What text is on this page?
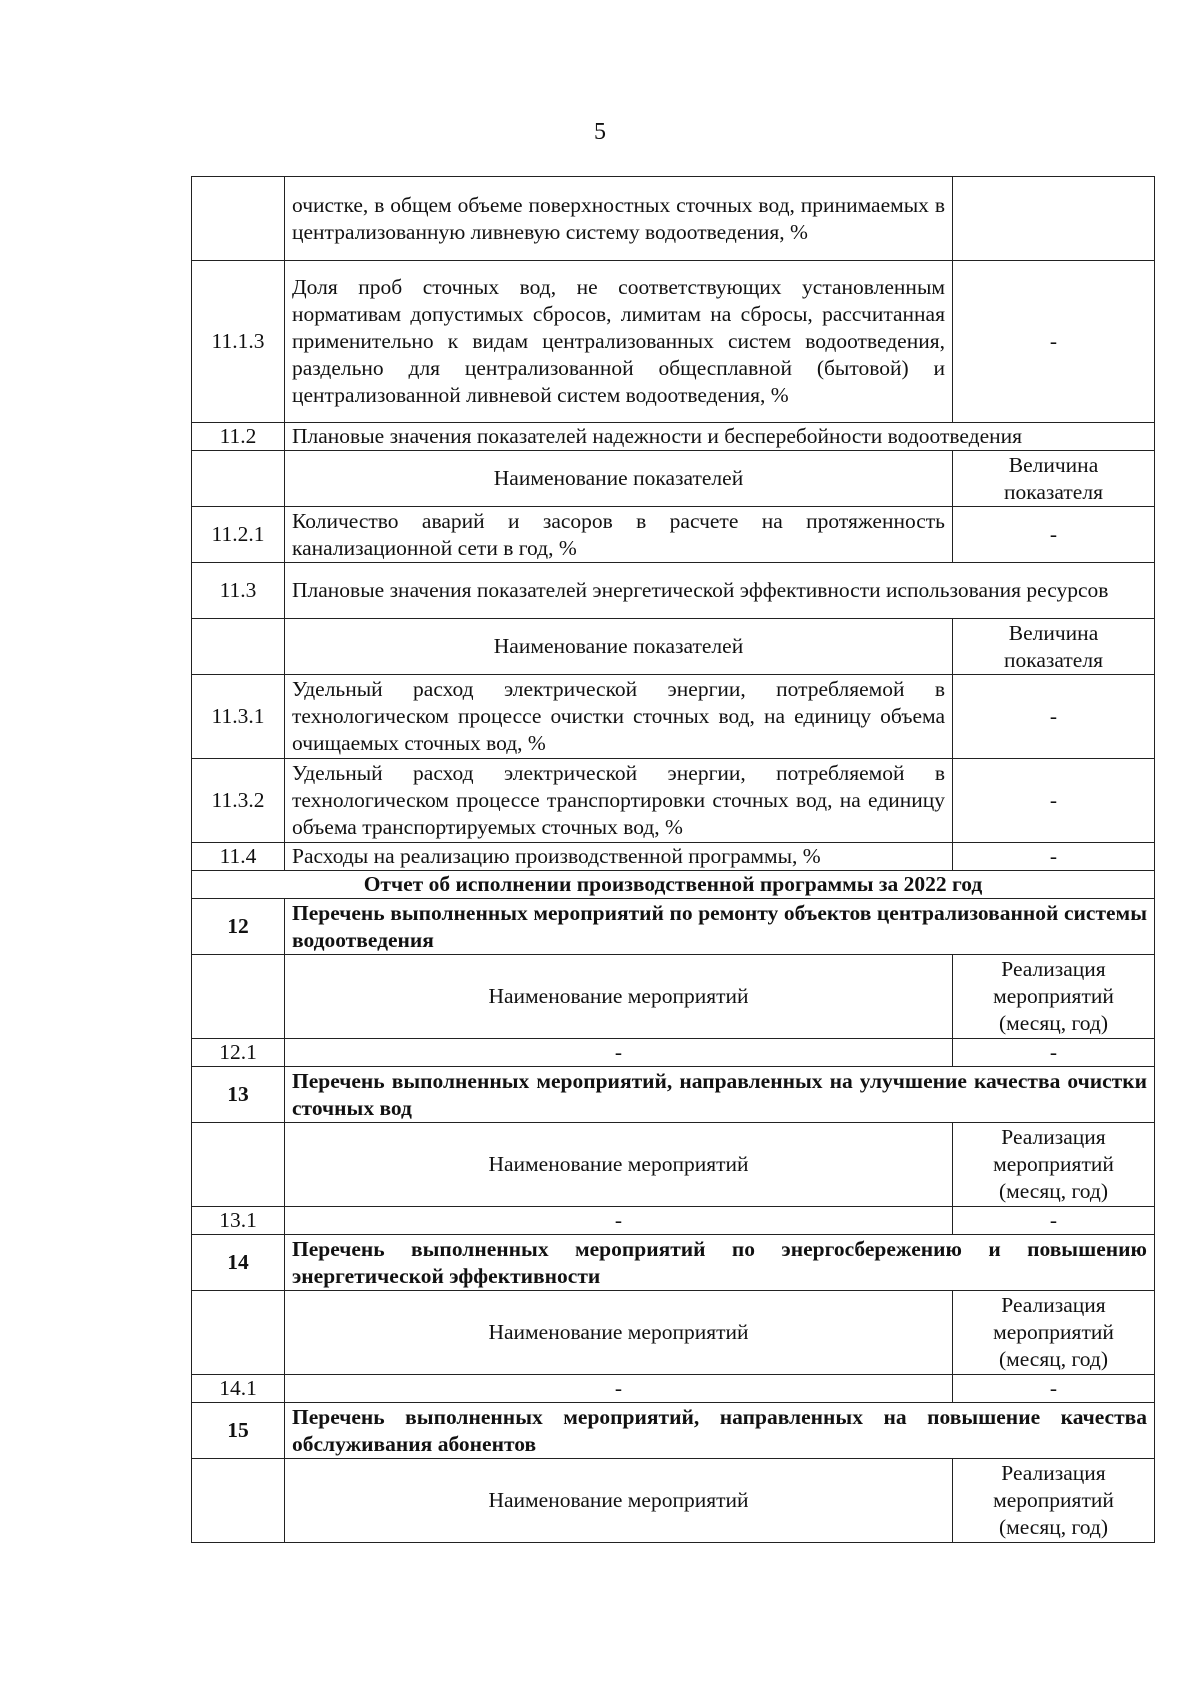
5
	очистке, в общем объеме поверхностных сточных вод, принимаемых в централизованную ливневую систему водоотведения, %	
11.1.3	Доля проб сточных вод, не соответствующих установленным нормативам допустимых сбросов, лимитам на сбросы, рассчитанная применительно к видам централизованных систем водоотведения, раздельно для централизованной общесплавной (бытовой) и централизованной ливневой систем водоотведения, %	-
11.2	Плановые значения показателей надежности и бесперебойности водоотведения	
	Наименование показателей	Величина показателя
11.2.1	Количество аварий и засоров в расчете на протяженность канализационной сети в год, %	-
11.3	Плановые значения показателей энергетической эффективности использования ресурсов	
	Наименование показателей	Величина показателя
11.3.1	Удельный расход электрической энергии, потребляемой в технологическом процессе очистки сточных вод, на единицу объема очищаемых сточных вод, %	-
11.3.2	Удельный расход электрической энергии, потребляемой в технологическом процессе транспортировки сточных вод, на единицу объема транспортируемых сточных вод, %	-
11.4	Расходы на реализацию производственной программы, %	-
Отчет об исполнении производственной программы за 2022 год		
12	Перечень выполненных мероприятий по ремонту объектов централизованной системы водоотведения	
	Наименование мероприятий	Реализация мероприятий (месяц, год)
12.1	-	-
13	Перечень выполненных мероприятий, направленных на улучшение качества очистки сточных вод	
	Наименование мероприятий	Реализация мероприятий (месяц, год)
13.1	-	-
14	Перечень выполненных мероприятий по энергосбережению и повышению энергетической эффективности	
	Наименование мероприятий	Реализация мероприятий (месяц, год)
14.1	-	-
15	Перечень выполненных мероприятий, направленных на повышение качества обслуживания абонентов	
	Наименование мероприятий	Реализация мероприятий (месяц, год)
